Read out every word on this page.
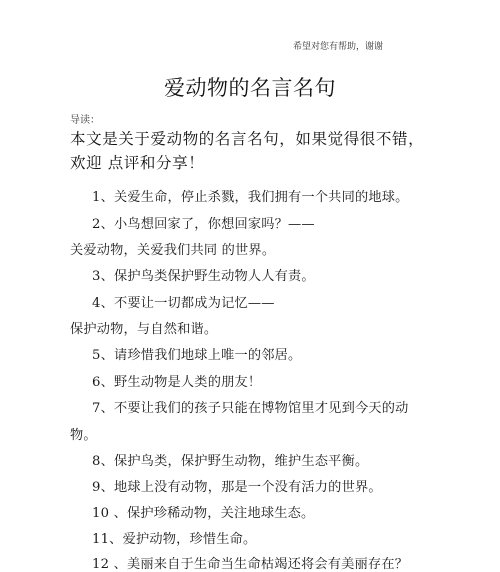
希望对您有帮助，谢谢
爱动物的名言名句
导读：
本文是关于爱动物的名言名句，如果觉得很不错，欢迎 点评和分享！
1、关爱生命，停止杀戮，我们拥有一个共同的地球。
2、小鸟想回家了，你想回家吗？——
关爱动物，关爱我们共同 的世界。
3、保护鸟类保护野生动物人人有责。
4、不要让一切都成为记忆——
保护动物，与自然和谐。
5、请珍惜我们地球上唯一的邻居。
6、野生动物是人类的朋友！
7、不要让我们的孩子只能在博物馆里才见到今天的动
物。
8、保护鸟类，保护野生动物，维护生态平衡。
9、地球上没有动物，那是一个没有活力的世界。
10 、保护珍稀动物，关注地球生态。
11、爱护动物，珍惜生命。
12 、美丽来自于生命当生命枯竭还将会有美丽存在？
